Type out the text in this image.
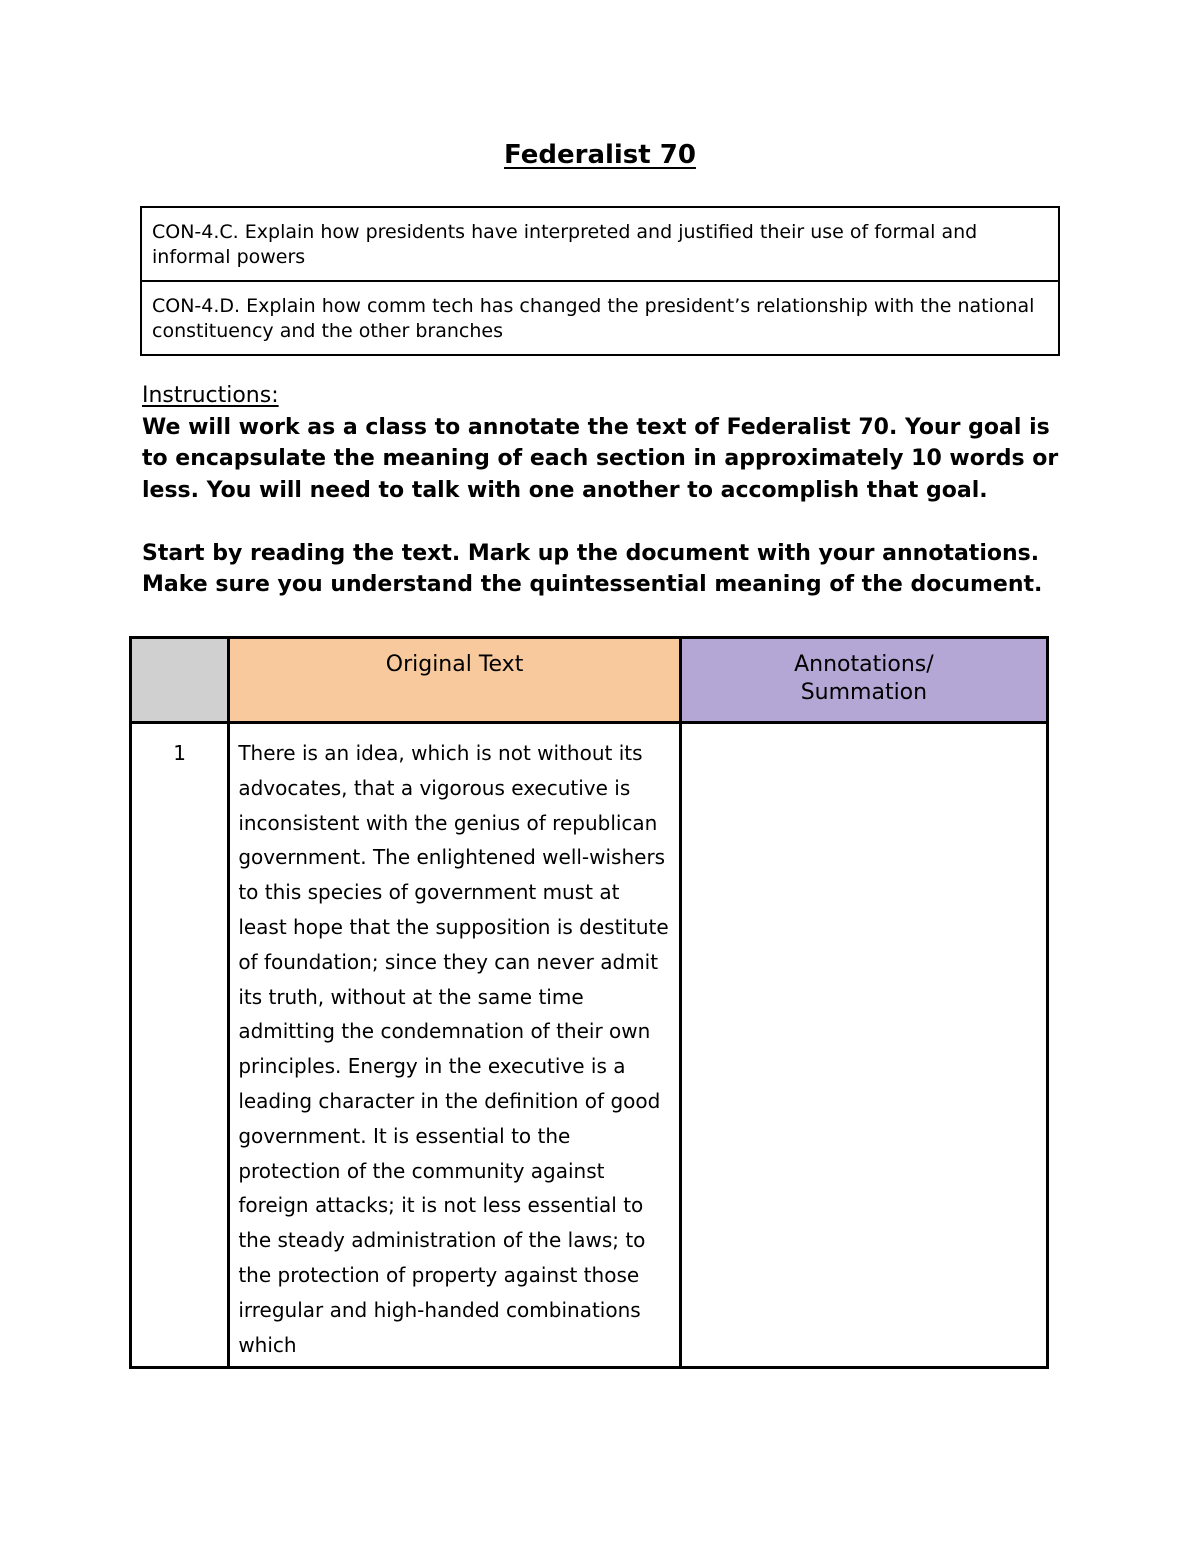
Federalist 70
CON-4.C. Explain how presidents have interpreted and justified their use of formal and informal powers
CON-4.D. Explain how comm tech has changed the president’s relationship with the national constituency and the other branches

Instructions:

We will work as a class to annotate the text of Federalist 70. Your goal is to encapsulate the meaning of each section in approximately 10 words or less. You will need to talk with one another to accomplish that goal.

Start by reading the text. Mark up the document with your annotations. Make sure you understand the quintessential meaning of the document.

	Original Text	Annotations/ Summation
1	There is an idea, which is not without its advocates, that a vigorous executive is inconsistent with the genius of republican government. The enlightened well-wishers to this species of government must at least hope that the supposition is destitute of foundation; since they can never admit its truth, without at the same time admitting the condemnation of their own principles. Energy in the executive is a leading character in the definition of good government. It is essential to the protection of the community against foreign attacks; it is not less essential to the steady administration of the laws; to the protection of property against those irregular and high-handed combinations which	
